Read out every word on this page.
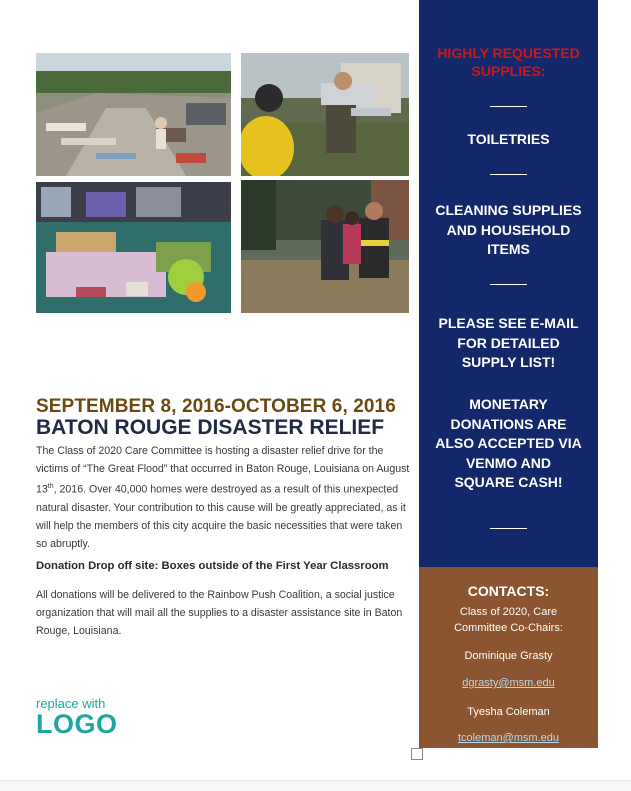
SEPTEMBER 8, 2016-OCTOBER 6, 2016
BATON ROUGE DISASTER RELIEF
The Class of 2020 Care Committee is hosting a disaster relief drive for the victims of “The Great Flood” that occurred in Baton Rouge, Louisiana on August 13th, 2016. Over 40,000 homes were destroyed as a result of this unexpected natural disaster. Your contribution to this cause will be greatly appreciated, as it will help the members of this city acquire the basic necessities that were taken so abruptly.
Donation Drop off site: Boxes outside of the First Year Classroom
All donations will be delivered to the Rainbow Push Coalition, a social justice organization that will mail all the supplies to a disaster assistance site in Baton Rouge, Louisiana.
replace with
LOGO
HIGHLY REQUESTED
SUPPLIES:
TOILETRIES
CLEANING SUPPLIES
AND HOUSEHOLD
ITEMS
PLEASE SEE E-MAIL
FOR DETAILED
SUPPLY LIST!
MONETARY
DONATIONS ARE
ALSO ACCEPTED VIA
VENMO AND
SQUARE CASH!
CONTACTS:
Class of 2020, Care
Committee Co-Chairs:
Dominique Grasty
dgrasty@msm.edu
Tyesha Coleman
tcoleman@msm.edu
